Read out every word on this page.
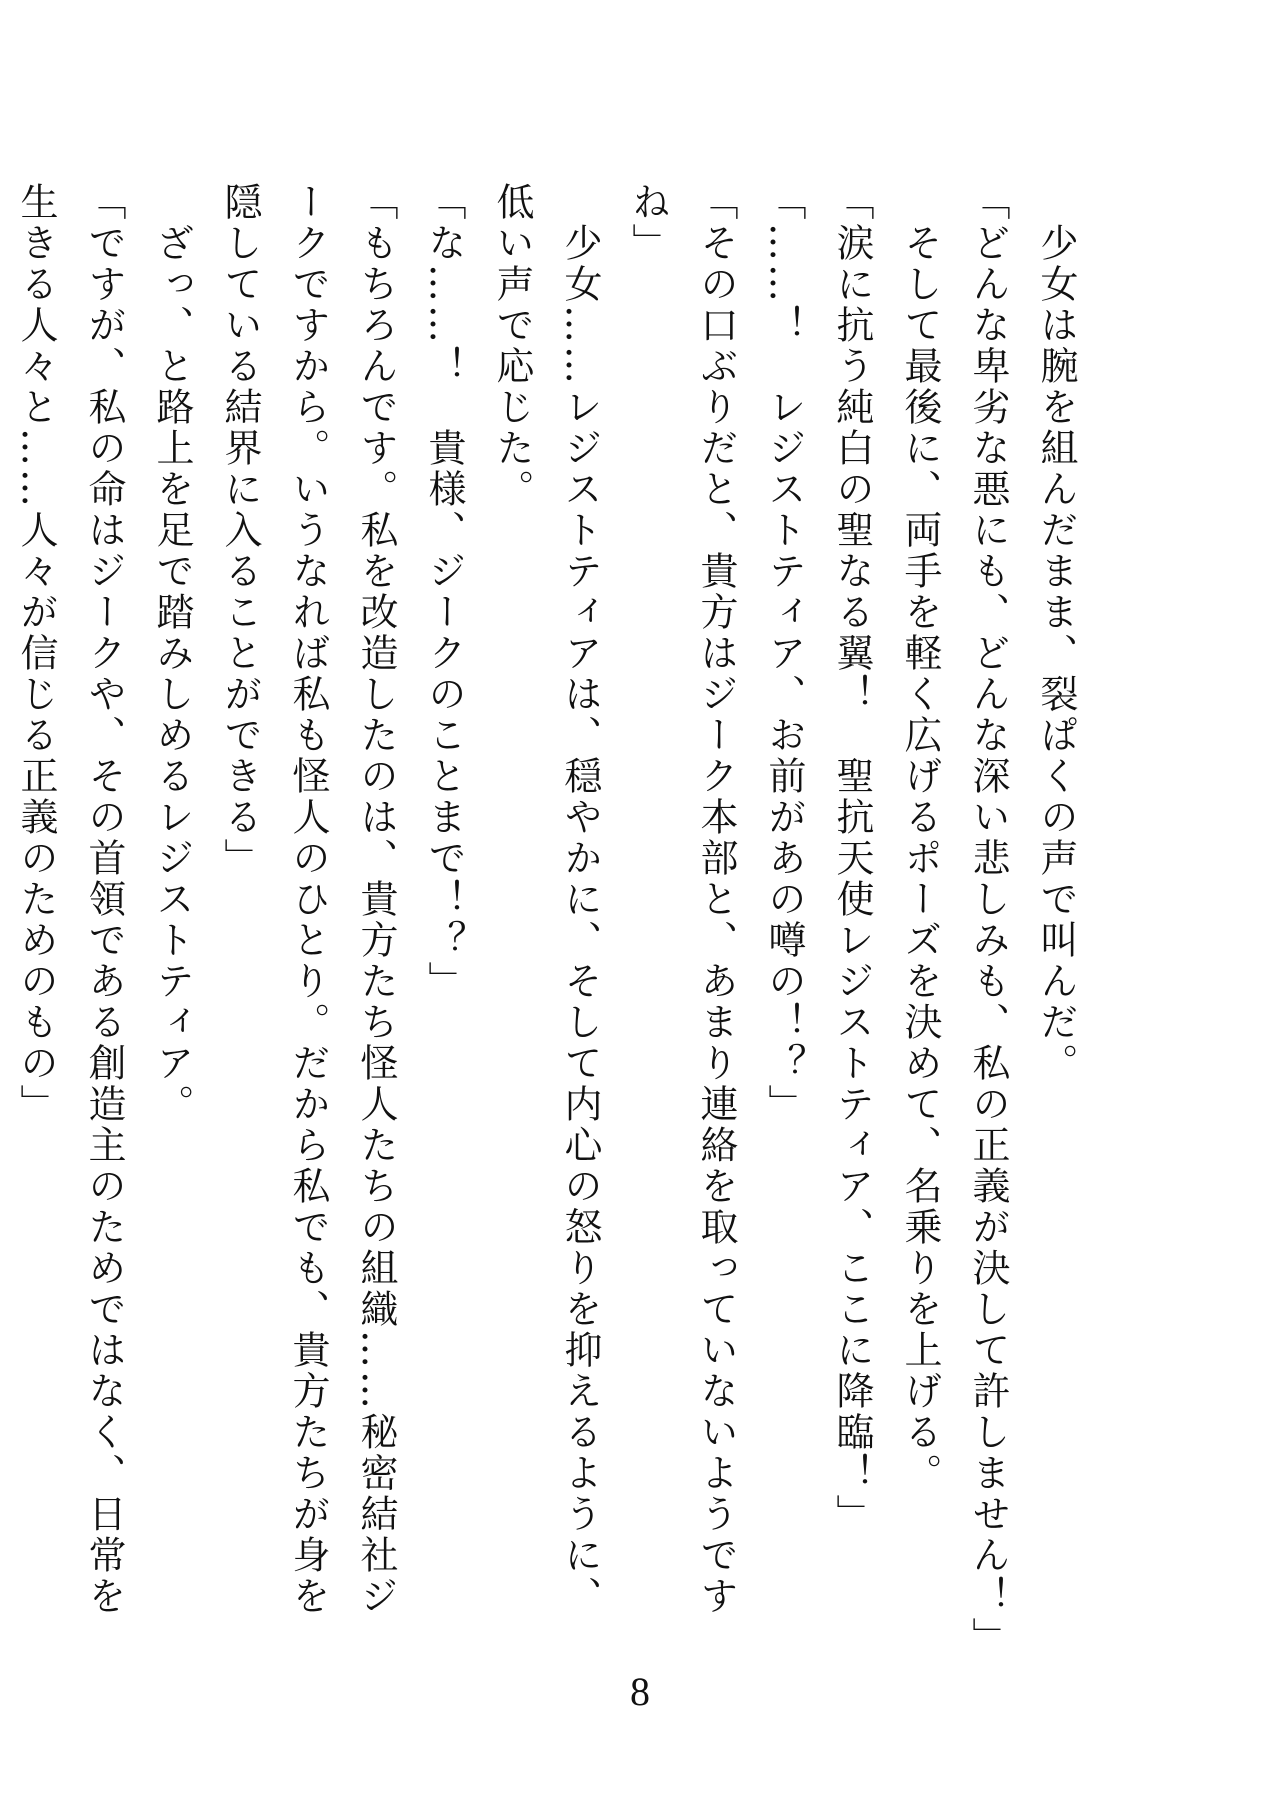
　少女は腕を組んだまま、裂ぱくの声で叫んだ。
「どんな卑劣な悪にも、どんな深い悲しみも、私の正義が決して許しません！」
　そして最後に、両手を軽く広げるポーズを決めて、名乗りを上げる。
「涙に抗う純白の聖なる翼！　聖抗天使レジストティア、ここに降臨！」
「……！　レジストティア、お前があの噂の！？」
「その口ぶりだと、貴方はジーク本部と、あまり連絡を取っていないようですね」
　少女……レジストティアは、穏やかに、そして内心の怒りを抑えるように、低い声で応じた。
「な……！　貴様、ジークのことまで！？」
「もちろんです。私を改造したのは、貴方たち怪人たちの組織……秘密結社ジークですから。いうなれば私も怪人のひとり。だから私でも、貴方たちが身を隠している結界に入ることができる」
　ざっ、と路上を足で踏みしめるレジストティア。
「ですが、私の命はジークや、その首領である創造主のためではなく、日常を生きる人々と……人々が信じる正義のためのもの」
8
